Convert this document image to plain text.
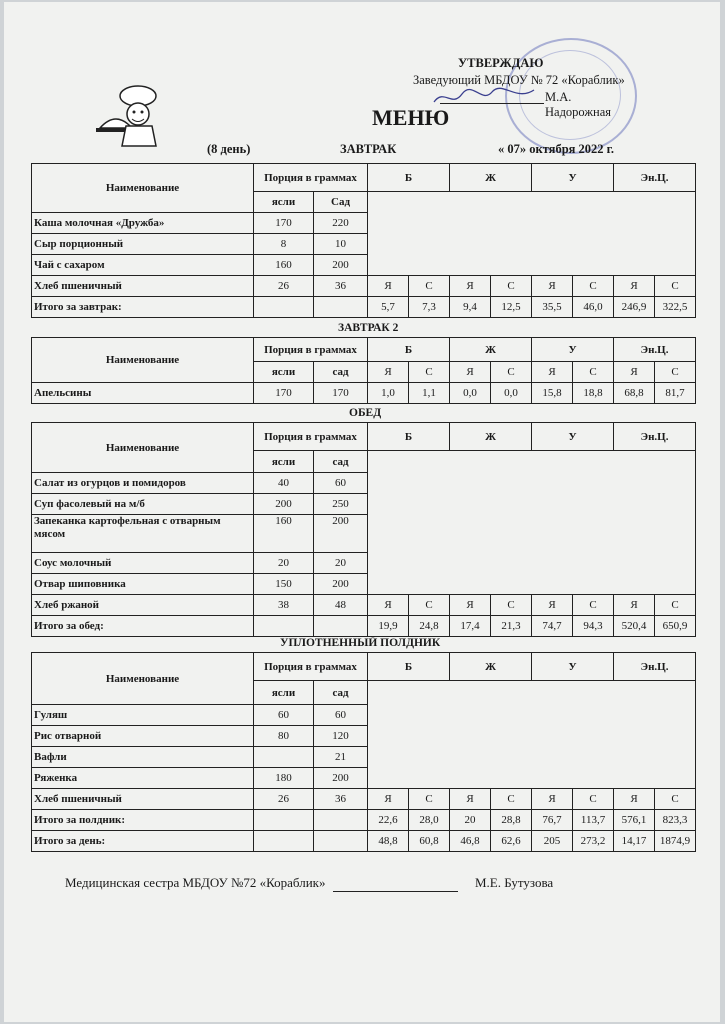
УТВЕРЖДАЮ
Заведующий МБДОУ № 72 «Кораблик»
М.А. Надорожная
МЕНЮ
(8 день)	ЗАВТРАК	« 07» октября 2022 г.
Наименование	Порция в граммах		Б		Ж		У		Эн.Ц.	
	ясли	Сад								
Каша молочная «Дружба»	170	220								
Сыр порционный	8	10								
Чай с сахаром	160	200								
Хлеб пшеничный	26	36	Я	С	Я	С	Я	С	Я	С
Итого за завтрак:			5,7	7,3	9,4	12,5	35,5	46,0	246,9	322,5
ЗАВТРАК 2
Наименование	Порция в граммах		Б		Ж		У		Эн.Ц.	
	ясли	сад	Я	С	Я	С	Я	С	Я	С
Апельсины	170	170	1,0	1,1	0,0	0,0	15,8	18,8	68,8	81,7
ОБЕД
Наименование	Порция в граммах		Б		Ж		У		Эн.Ц.	
	ясли	сад								
Салат из огурцов и помидоров	40	60								
Суп фасолевый на м/б	200	250								
Запеканка картофельная с отварным мясом	160	200								
Соус молочный	20	20								
Отвар шиповника	150	200								
Хлеб ржаной	38	48	Я	С	Я	С	Я	С	Я	С
Итого за обед:			19,9	24,8	17,4	21,3	74,7	94,3	520,4	650,9
УПЛОТНЕННЫЙ ПОЛДНИК
Наименование	Порция в граммах		Б		Ж		У		Эн.Ц.	
	ясли	сад								
Гуляш	60	60								
Рис отварной	80	120								
Вафли		21								
Ряженка	180	200								
Хлеб пшеничный	26	36	Я	С	Я	С	Я	С	Я	С
Итого за полдник:			22,6	28,0	20	28,8	76,7	113,7	576,1	823,3
Итого за день:			48,8	60,8	46,8	62,6	205	273,2	14,17	1874,9
Медицинская сестра МБДОУ №72 «Кораблик»	М.Е. Бутузова
